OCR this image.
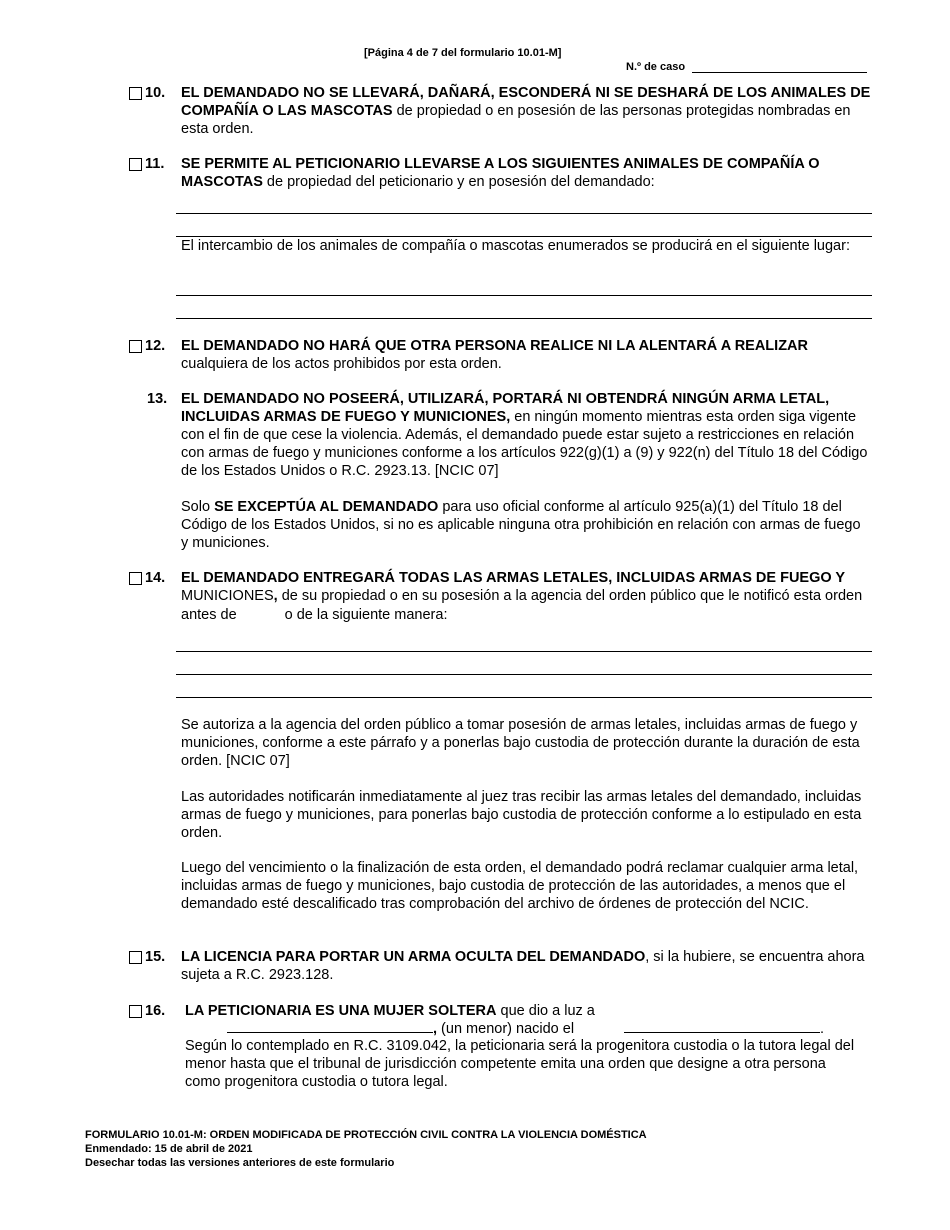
[Página 4 de 7 del formulario 10.01-M]
N.º de caso
10. EL DEMANDADO NO SE LLEVARÁ, DAÑARÁ, ESCONDERÁ NI SE DESHARÁ DE LOS ANIMALES DE COMPAÑÍA O LAS MASCOTAS de propiedad o en posesión de las personas protegidas nombradas en esta orden.
11. SE PERMITE AL PETICIONARIO LLEVARSE A LOS SIGUIENTES ANIMALES DE COMPAÑÍA O MASCOTAS de propiedad del peticionario y en posesión del demandado:
El intercambio de los animales de compañía o mascotas enumerados se producirá en el siguiente lugar:
12. EL DEMANDADO NO HARÁ QUE OTRA PERSONA REALICE NI LA ALENTARÁ A REALIZAR cualquiera de los actos prohibidos por esta orden.
13. EL DEMANDADO NO POSEERÁ, UTILIZARÁ, PORTARÁ NI OBTENDRÁ NINGÚN ARMA LETAL, INCLUIDAS ARMAS DE FUEGO Y MUNICIONES, en ningún momento mientras esta orden siga vigente con el fin de que cese la violencia. Además, el demandado puede estar sujeto a restricciones en relación con armas de fuego y municiones conforme a los artículos 922(g)(1) a (9) y 922(n) del Título 18 del Código de los Estados Unidos o R.C. 2923.13. [NCIC 07]
Solo SE EXCEPTÚA AL DEMANDADO para uso oficial conforme al artículo 925(a)(1) del Título 18 del Código de los Estados Unidos, si no es aplicable ninguna otra prohibición en relación con armas de fuego y municiones.
14. EL DEMANDADO ENTREGARÁ TODAS LAS ARMAS LETALES, INCLUIDAS ARMAS DE FUEGO Y MUNICIONES, de su propiedad o en su posesión a la agencia del orden público que le notificó esta orden antes de	o de la siguiente manera:
Se autoriza a la agencia del orden público a tomar posesión de armas letales, incluidas armas de fuego y municiones, conforme a este párrafo y a ponerlas bajo custodia de protección durante la duración de esta orden. [NCIC 07]
Las autoridades notificarán inmediatamente al juez tras recibir las armas letales del demandado, incluidas armas de fuego y municiones, para ponerlas bajo custodia de protección conforme a lo estipulado en esta orden.
Luego del vencimiento o la finalización de esta orden, el demandado podrá reclamar cualquier arma letal, incluidas armas de fuego y municiones, bajo custodia de protección de las autoridades, a menos que el demandado esté descalificado tras comprobación del archivo de órdenes de protección del NCIC.
15. LA LICENCIA PARA PORTAR UN ARMA OCULTA DEL DEMANDADO, si la hubiere, se encuentra ahora sujeta a R.C. 2923.128.
16. LA PETICIONARIA ES UNA MUJER SOLTERA que dio a luz a
, (un menor) nacido el	.
Según lo contemplado en R.C. 3109.042, la peticionaria será la progenitora custodia o la tutora legal del menor hasta que el tribunal de jurisdicción competente emita una orden que designe a otra persona como progenitora custodia o tutora legal.
FORMULARIO 10.01-M: ORDEN MODIFICADA DE PROTECCIÓN CIVIL CONTRA LA VIOLENCIA DOMÉSTICA
Enmendado: 15 de abril de 2021
Desechar todas las versiones anteriores de este formulario
